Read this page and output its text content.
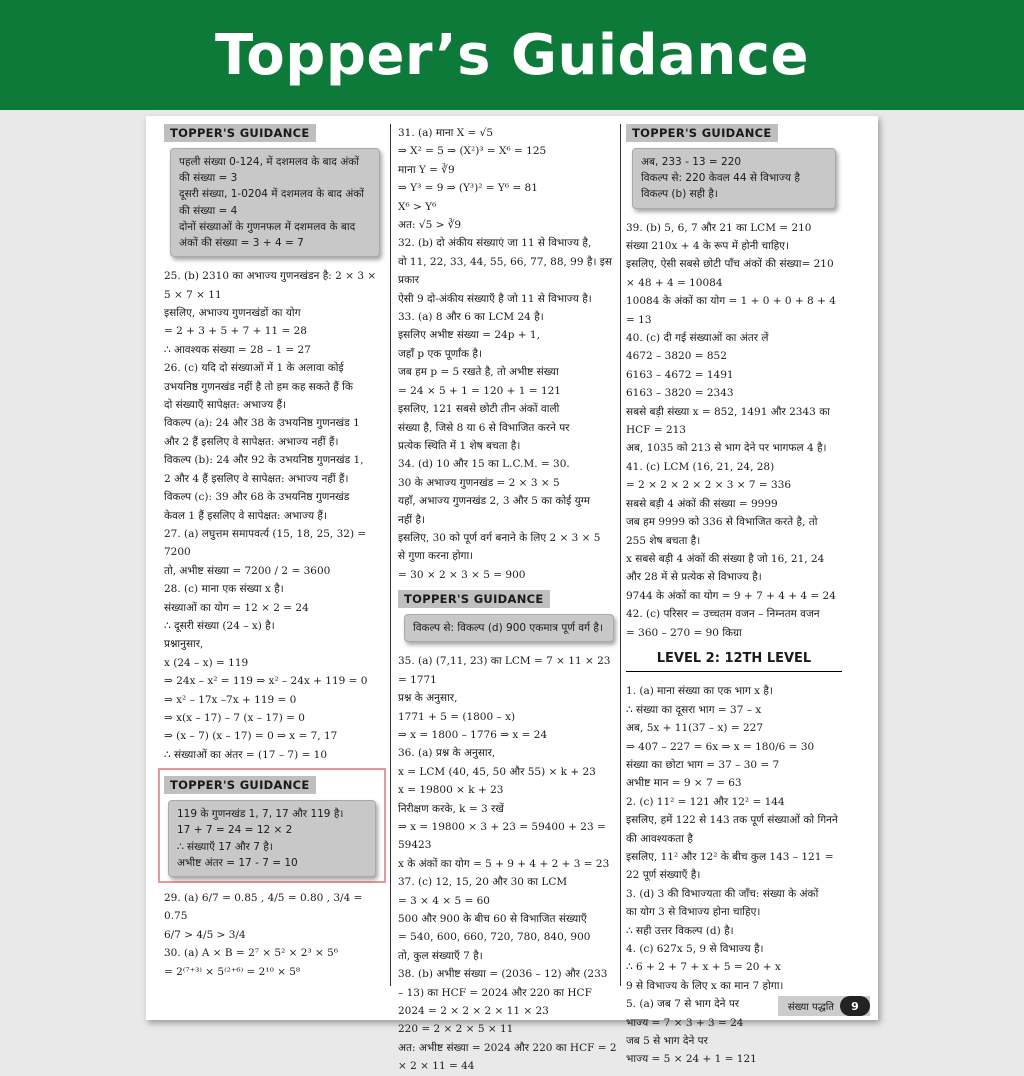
Topper’s Guidance
TOPPER'S GUIDANCE
पहली संख्या 0-124, में दशमलव के बाद अंकों
की संख्या = 3
दूसरी संख्या, 1-0204 में दशमलव के बाद अंकों
की संख्या = 4
दोनों संख्याओं के गुणनफल में दशमलव के बाद
अंकों की संख्या = 3 + 4 = 7
25. (b) 2310 का अभाज्य गुणनखंडन है: 2 × 3 ×
5 × 7 × 11
इसलिए, अभाज्य गुणनखंडों का योग
= 2 + 3 + 5 + 7 + 11 = 28
∴ आवश्यक संख्या = 28 – 1 = 27
26. (c) यदि दो संख्याओं में 1 के अलावा कोई
उभयनिष्ठ गुणनखंड नहीं है तो हम कह सकते हैं कि
दो संख्याएँ सापेक्षत: अभाज्य हैं।
विकल्प (a): 24 और 38 के उभयनिष्ठ गुणनखंड 1
और 2 हैं इसलिए वे सापेक्षत: अभाज्य नहीं हैं।
विकल्प (b): 24 और 92 के उभयनिष्ठ गुणनखंड 1,
2 और 4 हैं इसलिए वे सापेक्षत: अभाज्य नहीं हैं।
विकल्प (c): 39 और 68 के उभयनिष्ठ गुणनखंड
केवल 1 हैं इसलिए वे सापेक्षत: अभाज्य हैं।
27. (a) लघुत्तम समापवर्त्य (15, 18, 25, 32) = 7200
तो, अभीष्ट संख्या = 7200 / 2 = 3600
28. (c) माना एक संख्या x है।
संख्याओं का योग = 12 × 2 = 24
∴ दूसरी संख्या (24 – x) है।
प्रश्नानुसार,
x (24 – x) = 119
⇒ 24x – x² = 119 ⇒ x² – 24x + 119 = 0
⇒ x² – 17x –7x + 119 = 0
⇒ x(x – 17) – 7 (x – 17) = 0
⇒ (x – 7) (x – 17) = 0 ⇒ x = 7, 17
∴ संख्याओं का अंतर = (17 – 7) = 10
TOPPER'S GUIDANCE
119 के गुणनखंड 1, 7, 17 और 119 है।
17 + 7 = 24 = 12 × 2
∴ संख्याएँ 17 और 7 है।
अभीष्ट अंतर = 17 - 7 = 10
29. (a) 6/7 = 0.85 , 4/5 = 0.80 , 3/4 = 0.75
6/7 > 4/5 > 3/4
30. (a) A × B = 2⁷ × 5² × 2³ × 5⁶
= 2⁽⁷⁺³⁾ × 5⁽²⁺⁶⁾ = 2¹⁰ × 5⁸
31. (a) माना X = √5
⇒ X² = 5 ⇒ (X²)³ = X⁶ = 125
माना Y = ∛9
⇒ Y³ = 9 ⇒ (Y³)² = Y⁶ = 81
X⁶ > Y⁶
अत: √5 > ∛9
32. (b) दो अंकीय संख्याएं जा 11 से विभाज्य है,
वो 11, 22, 33, 44, 55, 66, 77, 88, 99 है। इस प्रकार
ऐसी 9 दो-अंकीय संख्याएँ है जो 11 से विभाज्य है।
33. (a) 8 और 6 का LCM 24 है।
इसलिए अभीष्ट संख्या = 24p + 1,
जहाँ p एक पूर्णांक है।
जब हम p = 5 रखते है, तो अभीष्ट संख्या
= 24 × 5 + 1 = 120 + 1 = 121
इसलिए, 121 सबसे छोटी तीन अंकों वाली
संख्या है, जिसे 8 या 6 से विभाजित करने पर
प्रत्येक स्थिति में 1 शेष बचता है।
34. (d) 10 और 15 का L.C.M. = 30.
30 के अभाज्य गुणनखंड = 2 × 3 × 5
यहाँ, अभाज्य गुणनखंड 2, 3 और 5 का कोई युग्म
नहीं है।
इसलिए, 30 को पूर्ण वर्ग बनाने के लिए 2 × 3 × 5
से गुणा करना होगा।
= 30 × 2 × 3 × 5 = 900
TOPPER'S GUIDANCE
विकल्प से: विकल्प (d) 900 एकमात्र पूर्ण वर्ग है।
35. (a) (7,11, 23) का LCM = 7 × 11 × 23 = 1771
प्रश्न के अनुसार,
1771 + 5 = (1800 – x)
⇒ x = 1800 – 1776 ⇒ x = 24
36. (a) प्रश्न के अनुसार,
x = LCM (40, 45, 50 और 55) × k + 23
x = 19800 × k + 23
निरीक्षण करके, k = 3 रखें
⇒ x = 19800 × 3 + 23 = 59400 + 23 = 59423
x के अंकों का योग = 5 + 9 + 4 + 2 + 3 = 23
37. (c) 12, 15, 20 और 30 का LCM
= 3 × 4 × 5 = 60
500 और 900 के बीच 60 से विभाजित संख्याएँ
= 540, 600, 660, 720, 780, 840, 900
तो, कुल संख्याएँ 7 है।
38. (b) अभीष्ट संख्या = (2036 – 12) और (233
– 13) का HCF = 2024 और 220 का HCF
2024 = 2 × 2 × 2 × 11 × 23
220 = 2 × 2 × 5 × 11
अत: अभीष्ट संख्या = 2024 और 220 का HCF = 2
× 2 × 11 = 44
TOPPER'S GUIDANCE
अब, 233 - 13 = 220
विकल्प से: 220 केवल 44 से विभाज्य है
विकल्प (b) सही है।
39. (b) 5, 6, 7 और 21 का LCM = 210
संख्या 210x + 4 के रूप में होनी चाहिए।
इसलिए, ऐसी सबसे छोटी पाँच अंकों की संख्या= 210
× 48 + 4 = 10084
10084 के अंकों का योग = 1 + 0 + 0 + 8 + 4 = 13
40. (c) दी गई संख्याओं का अंतर लें
4672 – 3820 = 852
6163 – 4672 = 1491
6163 – 3820 = 2343
सबसे बड़ी संख्या x = 852, 1491 और 2343 का
HCF = 213
अब, 1035 को 213 से भाग देने पर भागफल 4 है।
41. (c) LCM (16, 21, 24, 28)
= 2 × 2 × 2 × 2 × 3 × 7 = 336
सबसे बड़ी 4 अंकों की संख्या = 9999
जब हम 9999 को 336 से विभाजित करते है, तो
255 शेष बचता है।
x सबसे बड़ी 4 अंकों की संख्या है जो 16, 21, 24
और 28 में से प्रत्येक से विभाज्य है।
9744 के अंकों का योग = 9 + 7 + 4 + 4 = 24
42. (c) परिसर = उच्चतम वजन – निम्नतम वजन
= 360 – 270 = 90 किग्रा
LEVEL 2: 12TH LEVEL
1. (a) माना संख्या का एक भाग x है।
∴ संख्या का दूसरा भाग = 37 – x
अब, 5x + 11(37 – x) = 227
⇒ 407 – 227 = 6x ⇒ x = 180/6 = 30
संख्या का छोटा भाग = 37 – 30 = 7
अभीष्ट मान = 9 × 7 = 63
2. (c) 11² = 121 और 12² = 144
इसलिए, हमें 122 से 143 तक पूर्ण संख्याओं को गिनने
की आवश्यकता है
इसलिए, 11² और 12² के बीच कुल 143 – 121 =
22 पूर्ण संख्याएँ है।
3. (d) 3 की विभाज्यता की जाँच: संख्या के अंकों
का योग 3 से विभाज्य होना चाहिए।
∴ सही उत्तर विकल्प (d) है।
4. (c) 627x 5, 9 से विभाज्य है।
∴ 6 + 2 + 7 + x + 5 = 20 + x
9 से विभाज्य के लिए x का मान 7 होगा।
5. (a) जब 7 से भाग देने पर
भाज्य = 7 × 3 + 3 = 24
जब 5 से भाग देने पर
भाज्य = 5 × 24 + 1 = 121
संख्या पद्धति	9
